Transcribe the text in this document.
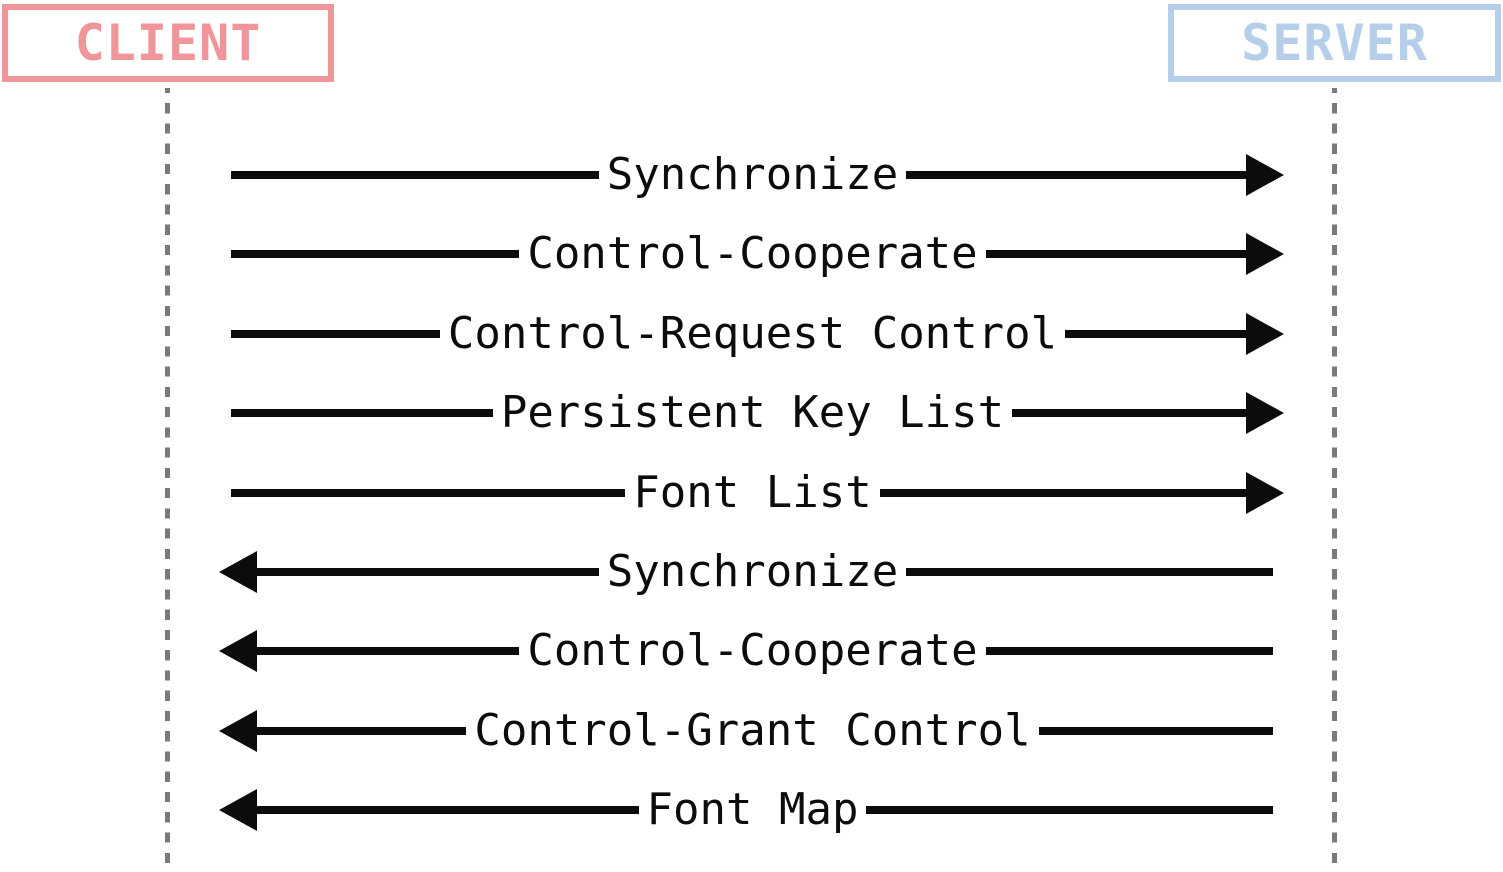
CLIENT	SERVER
Synchronize
Control-Cooperate
Control-Request Control
Persistent Key List
Font List
Synchronize
Control-Cooperate
Control-Grant Control
Font Map
